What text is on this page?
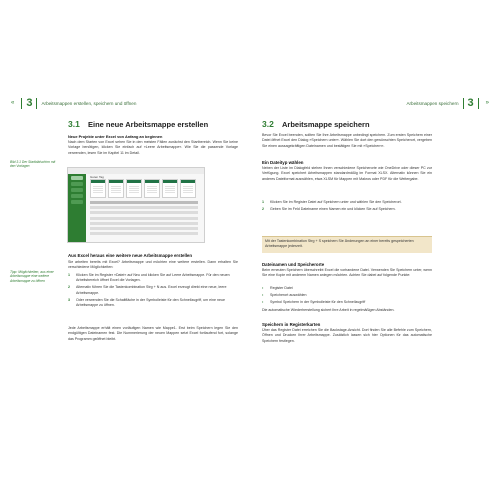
« 3 Arbeitsmappen erstellen, speichern und öffnen
3.1	Eine neue Arbeitsmappe erstellen
Neue Projekte unter Excel von Anfang an beginnen
Nach dem Starten von Excel sehen Sie in den meisten Fällen zunächst den Startbereich. Wenn Sie keine Vorlage benötigen, klicken Sie einfach auf »Leere Arbeitsmappe«. Wie Sie die passende Vorlage verwenden, lesen Sie im Kapitel 11 im Detail.
Bild 3.1 Der Startbildschirm mit den Vorlagen
Guten Tag
Aus Excel heraus eine weitere neue Arbeitsmappe erstellen
Sie arbeiten bereits mit Excel? Arbeitsmappe und möchten eine weitere erstellen. Dann erhalten Sie verschiedene Möglichkeiten:
Tipp: Möglichkeiten, aus einer Arbeitsmappe eine weitere Arbeitsmappe zu öffnen
1	Klicken Sie im Register »Datei« auf Neu und klicken Sie auf Leere Arbeitsmappe. Für den neuen Arbeitsbereich öffnet Excel die Vorlagen.
2	Alternativ führen Sie die Tastenkombination Strg + N aus. Excel erzeugt direkt eine neue, leere Arbeitsmappe.
3	Oder verwenden Sie die Schaltfläche in der Symbolleiste für den Schnellzugriff, um eine neue Arbeitsmappe zu öffnen.
Jede Arbeitsmappe erhält einen vorläufigen Namen wie Mappe1. Erst beim Speichern legen Sie den endgültigen Dateinamen fest. Die Nummerierung der neuen Mappen setzt Excel fortlaufend fort, solange das Programm geöffnet bleibt.
Arbeitsmappen speichern 3 »
3.2	Arbeitsmappe speichern
Bevor Sie Excel beenden, sollten Sie Ihre Arbeitsmappe unbedingt speichern. Zum ersten Speichern einer Datei öffnet Excel den Dialog »Speichern unter«. Wählen Sie dort den gewünschten Speicherort, vergeben Sie einen aussagekräftigen Dateinamen und bestätigen Sie mit »Speichern«.
Ein Dateityp wählen
Neben der Liste im Dialogfeld stehen Ihnen verschiedene Speicherorte wie OneDrive oder dieser PC zur Verfügung. Excel speichert Arbeitsmappen standardmäßig im Format XLSX. Alternativ können Sie ein anderes Dateiformat auswählen, etwa XLSM für Mappen mit Makros oder PDF für die Weitergabe.
1	Klicken Sie im Register Datei auf Speichern unter und wählen Sie den Speicherort.
2	Geben Sie im Feld Dateiname einen Namen ein und klicken Sie auf Speichern.
Mit der Tastenkombination Strg + S speichern Sie Änderungen an einer bereits gespeicherten Arbeitsmappe jederzeit.
Dateinamen und Speicherorte
Beim erneuten Speichern überschreibt Excel die vorhandene Datei. Verwenden Sie Speichern unter, wenn Sie eine Kopie mit anderem Namen anlegen möchten. Achten Sie dabei auf folgende Punkte:
•	Register Datei
•	Speicherort auswählen
•	Symbol Speichern in der Symbolleiste für den Schnellzugriff
Die automatische Wiederherstellung sichert Ihre Arbeit in regelmäßigen Abständen.
Speichern in Registerkarten
Über das Register Datei erreichen Sie die Backstage-Ansicht. Dort finden Sie alle Befehle zum Speichern, Öffnen und Drucken Ihrer Arbeitsmappe. Zusätzlich lassen sich hier Optionen für das automatische Speichern festlegen.
